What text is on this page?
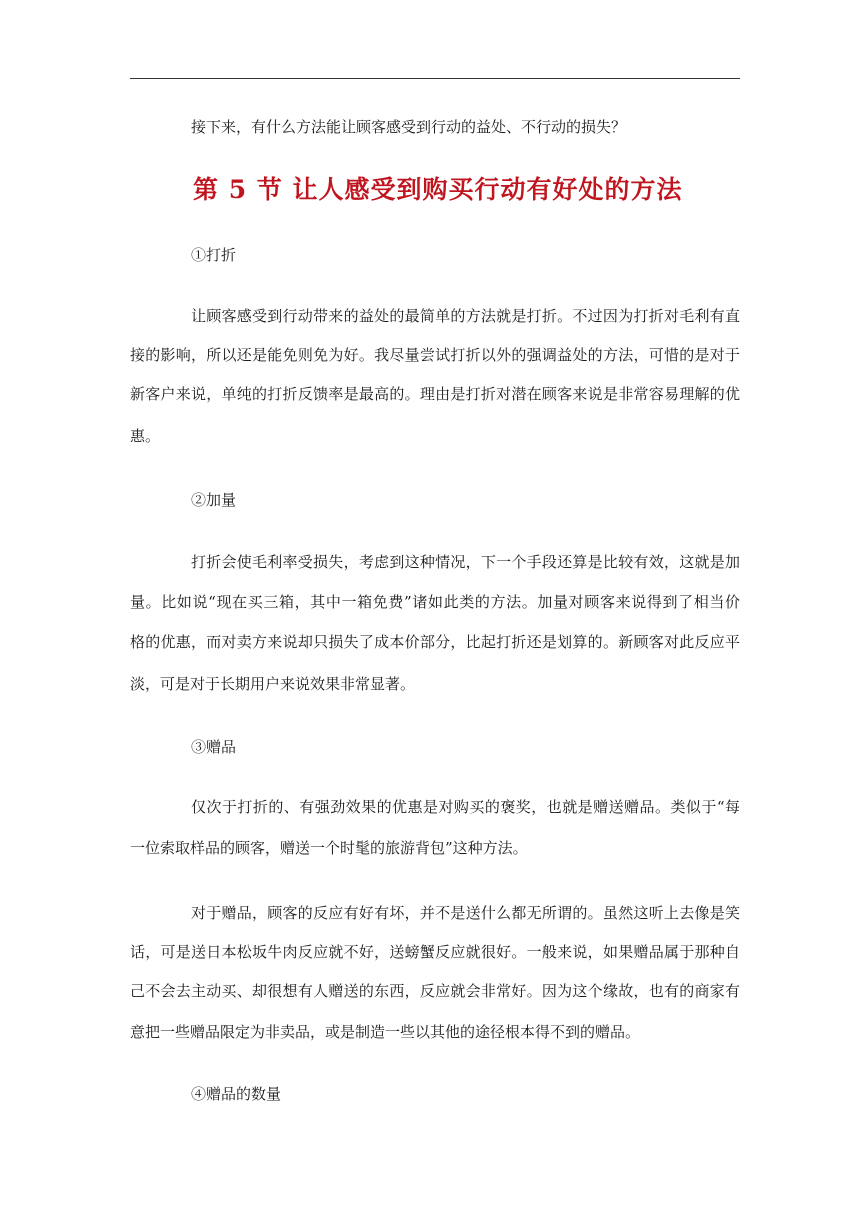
接下来，有什么方法能让顾客感受到行动的益处、不行动的损失？
第 5 节 让人感受到购买行动有好处的方法
①打折
让顾客感受到行动带来的益处的最简单的方法就是打折。不过因为打折对毛利有直
接的影响，所以还是能免则免为好。我尽量尝试打折以外的强调益处的方法，可惜的是对于
新客户来说，单纯的打折反馈率是最高的。理由是打折对潜在顾客来说是非常容易理解的优
惠。
②加量
打折会使毛利率受损失，考虑到这种情况，下一个手段还算是比较有效，这就是加
量。比如说“现在买三箱，其中一箱免费”诸如此类的方法。加量对顾客来说得到了相当价
格的优惠，而对卖方来说却只损失了成本价部分，比起打折还是划算的。新顾客对此反应平
淡，可是对于长期用户来说效果非常显著。
③赠品
仅次于打折的、有强劲效果的优惠是对购买的褒奖，也就是赠送赠品。类似于“每
一位索取样品的顾客，赠送一个时髦的旅游背包”这种方法。
对于赠品，顾客的反应有好有坏，并不是送什么都无所谓的。虽然这听上去像是笑
话，可是送日本松坂牛肉反应就不好，送螃蟹反应就很好。一般来说，如果赠品属于那种自
己不会去主动买、却很想有人赠送的东西，反应就会非常好。因为这个缘故，也有的商家有
意把一些赠品限定为非卖品，或是制造一些以其他的途径根本得不到的赠品。
④赠品的数量
